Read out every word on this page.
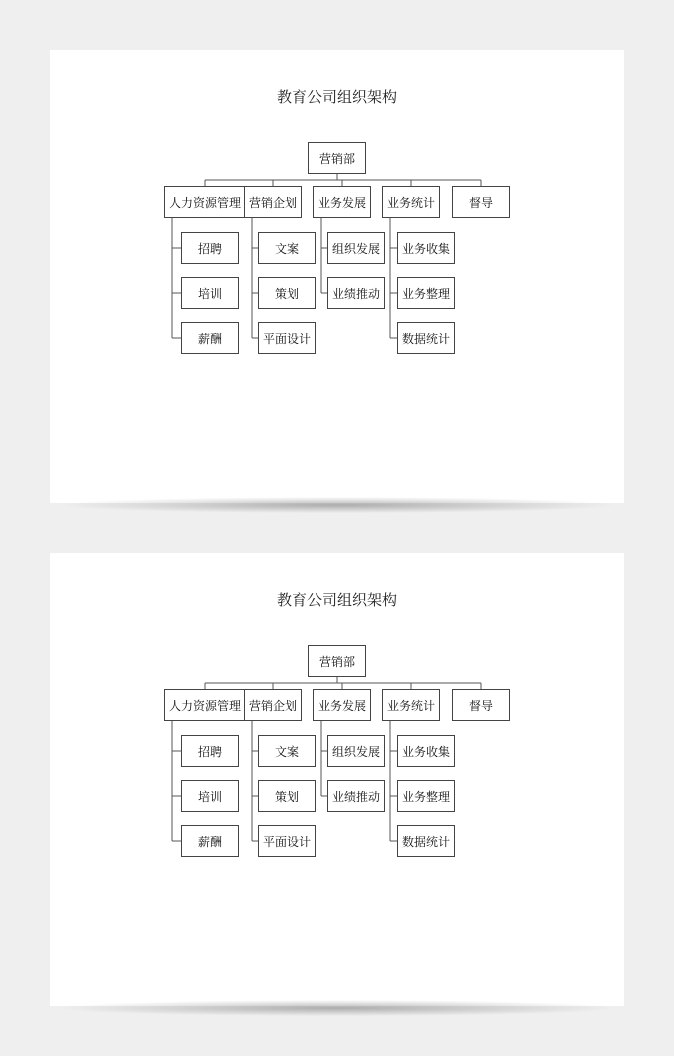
教育公司组织架构
营销部
人力资源管理
招聘
培训
薪酬
营销企划
文案
策划
平面设计
业务发展
组织发展
业绩推动
业务统计
业务收集
业务整理
数据统计
督导
教育公司组织架构
营销部
人力资源管理
招聘
培训
薪酬
营销企划
文案
策划
平面设计
业务发展
组织发展
业绩推动
业务统计
业务收集
业务整理
数据统计
督导
